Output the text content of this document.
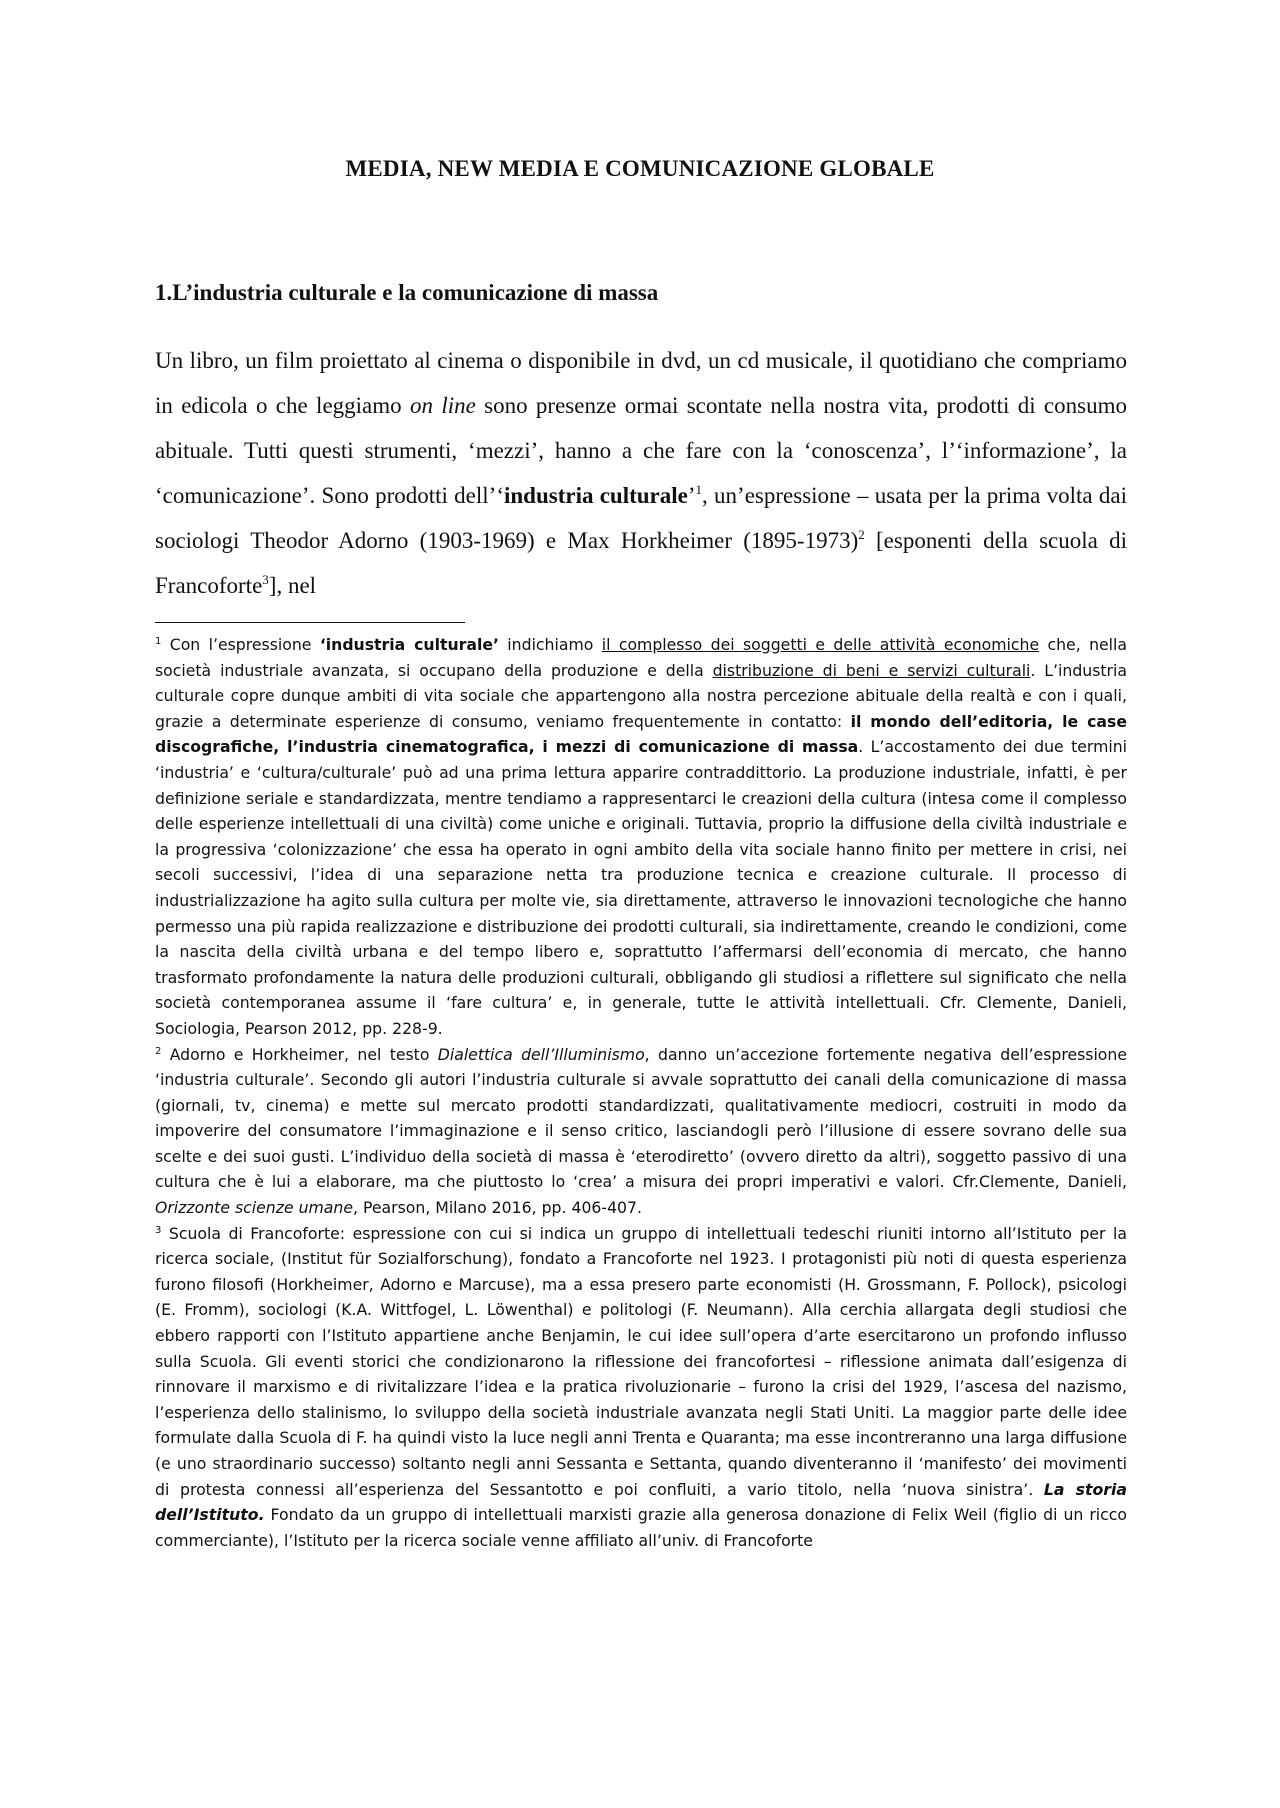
MEDIA, NEW MEDIA E COMUNICAZIONE GLOBALE
1.L’industria culturale e la comunicazione di massa

Un libro, un film proiettato al cinema o disponibile in dvd, un cd musicale, il quotidiano che compriamo in edicola o che leggiamo on line sono presenze ormai scontate nella nostra vita, prodotti di consumo abituale. Tutti questi strumenti, ‘mezzi’, hanno a che fare con la ‘conoscenza’, l’‘informazione’, la ‘comunicazione’. Sono prodotti dell’‘industria culturale’$^1$, un’espressione – usata per la prima volta dai sociologi Theodor Adorno (1903-1969) e Max Horkheimer (1895-1973)$^2$ [esponenti della scuola di Francoforte$^3$], nel

$^1$ Con l’espressione ‘industria culturale’ indichiamo il complesso dei soggetti e delle attività economiche che, nella società industriale avanzata, si occupano della produzione e della distribuzione di beni e servizi culturali. L’industria culturale copre dunque ambiti di vita sociale che appartengono alla nostra percezione abituale della realtà e con i quali, grazie a determinate esperienze di consumo, veniamo frequentemente in contatto: il mondo dell’editoria, le case discografiche, l’industria cinematografica, i mezzi di comunicazione di massa. L’accostamento dei due termini ‘industria’ e ‘cultura/culturale’ può ad una prima lettura apparire contraddittorio. La produzione industriale, infatti, è per definizione seriale e standardizzata, mentre tendiamo a rappresentarci le creazioni della cultura (intesa come il complesso delle esperienze intellettuali di una civiltà) come uniche e originali. Tuttavia, proprio la diffusione della civiltà industriale e la progressiva ‘colonizzazione’ che essa ha operato in ogni ambito della vita sociale hanno finito per mettere in crisi, nei secoli successivi, l’idea di una separazione netta tra produzione tecnica e creazione culturale. Il processo di industrializzazione ha agito sulla cultura per molte vie, sia direttamente, attraverso le innovazioni tecnologiche che hanno permesso una più rapida realizzazione e distribuzione dei prodotti culturali, sia indirettamente, creando le condizioni, come la nascita della civiltà urbana e del tempo libero e, soprattutto l’affermarsi dell’economia di mercato, che hanno trasformato profondamente la natura delle produzioni culturali, obbligando gli studiosi a riflettere sul significato che nella società contemporanea assume il ‘fare cultura’ e, in generale, tutte le attività intellettuali. Cfr. Clemente, Danieli, Sociologia, Pearson 2012, pp. 228-9.

$^2$ Adorno e Horkheimer, nel testo Dialettica dell’Illuminismo, danno un’accezione fortemente negativa dell’espressione ‘industria culturale’. Secondo gli autori l’industria culturale si avvale soprattutto dei canali della comunicazione di massa (giornali, tv, cinema) e mette sul mercato prodotti standardizzati, qualitativamente mediocri, costruiti in modo da impoverire del consumatore l’immaginazione e il senso critico, lasciandogli però l’illusione di essere sovrano delle sua scelte e dei suoi gusti. L’individuo della società di massa è ‘eterodiretto’ (ovvero diretto da altri), soggetto passivo di una cultura che è lui a elaborare, ma che piuttosto lo ‘crea’ a misura dei propri imperativi e valori. Cfr.Clemente, Danieli, Orizzonte scienze umane, Pearson, Milano 2016, pp. 406-407.

$^3$ Scuola di Francoforte: espressione con cui si indica un gruppo di intellettuali tedeschi riuniti intorno all’Istituto per la ricerca sociale, (Institut für Sozialforschung), fondato a Francoforte nel 1923. I protagonisti più noti di questa esperienza furono filosofi (Horkheimer, Adorno e Marcuse), ma a essa presero parte economisti (H. Grossmann, F. Pollock), psicologi (E. Fromm), sociologi (K.A. Wittfogel, L. Löwenthal) e politologi (F. Neumann). Alla cerchia allargata degli studiosi che ebbero rapporti con l’Istituto appartiene anche Benjamin, le cui idee sull’opera d’arte esercitarono un profondo influsso sulla Scuola. Gli eventi storici che condizionarono la riflessione dei francofortesi – riflessione animata dall’esigenza di rinnovare il marxismo e di rivitalizzare l’idea e la pratica rivoluzionarie – furono la crisi del 1929, l’ascesa del nazismo, l’esperienza dello stalinismo, lo sviluppo della società industriale avanzata negli Stati Uniti. La maggior parte delle idee formulate dalla Scuola di F. ha quindi visto la luce negli anni Trenta e Quaranta; ma esse incontreranno una larga diffusione (e uno straordinario successo) soltanto negli anni Sessanta e Settanta, quando diventeranno il ‘manifesto’ dei movimenti di protesta connessi all’esperienza del Sessantotto e poi confluiti, a vario titolo, nella ‘nuova sinistra’. La storia dell’Istituto. Fondato da un gruppo di intellettuali marxisti grazie alla generosa donazione di Felix Weil (figlio di un ricco commerciante), l’Istituto per la ricerca sociale venne affiliato all’univ. di Francoforte
